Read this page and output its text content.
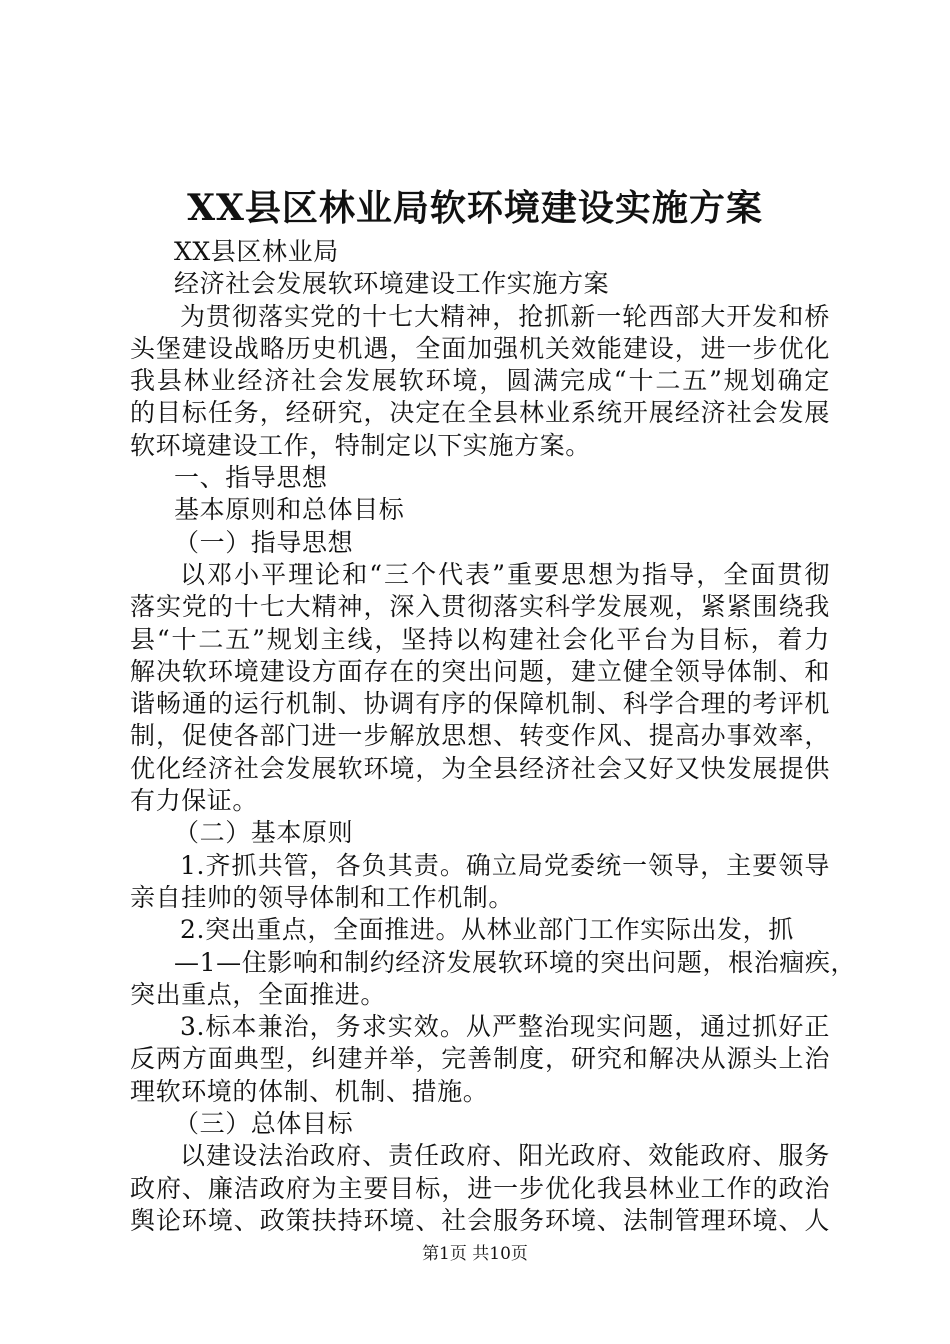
XX县区林业局软环境建设实施方案
XX县区林业局
经济社会发展软环境建设工作实施方案
为贯彻落实党的十七大精神，抢抓新一轮西部大开发和桥
头堡建设战略历史机遇，全面加强机关效能建设，进一步优化
我县林业经济社会发展软环境，圆满完成“十二五”规划确定
的目标任务，经研究，决定在全县林业系统开展经济社会发展
软环境建设工作，特制定以下实施方案。
一、指导思想
基本原则和总体目标
（一）指导思想
以邓小平理论和“三个代表”重要思想为指导，全面贯彻
落实党的十七大精神，深入贯彻落实科学发展观，紧紧围绕我
县“十二五”规划主线，坚持以构建社会化平台为目标，着力
解决软环境建设方面存在的突出问题，建立健全领导体制、和
谐畅通的运行机制、协调有序的保障机制、科学合理的考评机
制，促使各部门进一步解放思想、转变作风、提高办事效率，
优化经济社会发展软环境，为全县经济社会又好又快发展提供
有力保证。
（二）基本原则
1.齐抓共管，各负其责。确立局党委统一领导，主要领导
亲自挂帅的领导体制和工作机制。
2.突出重点，全面推进。从林业部门工作实际出发，抓
—1—住影响和制约经济发展软环境的突出问题，根治痼疾，
突出重点，全面推进。
3.标本兼治，务求实效。从严整治现实问题，通过抓好正
反两方面典型，纠建并举，完善制度，研究和解决从源头上治
理软环境的体制、机制、措施。
（三）总体目标
以建设法治政府、责任政府、阳光政府、效能政府、服务
政府、廉洁政府为主要目标，进一步优化我县林业工作的政治
舆论环境、政策扶持环境、社会服务环境、法制管理环境、人
第1页 共10页
